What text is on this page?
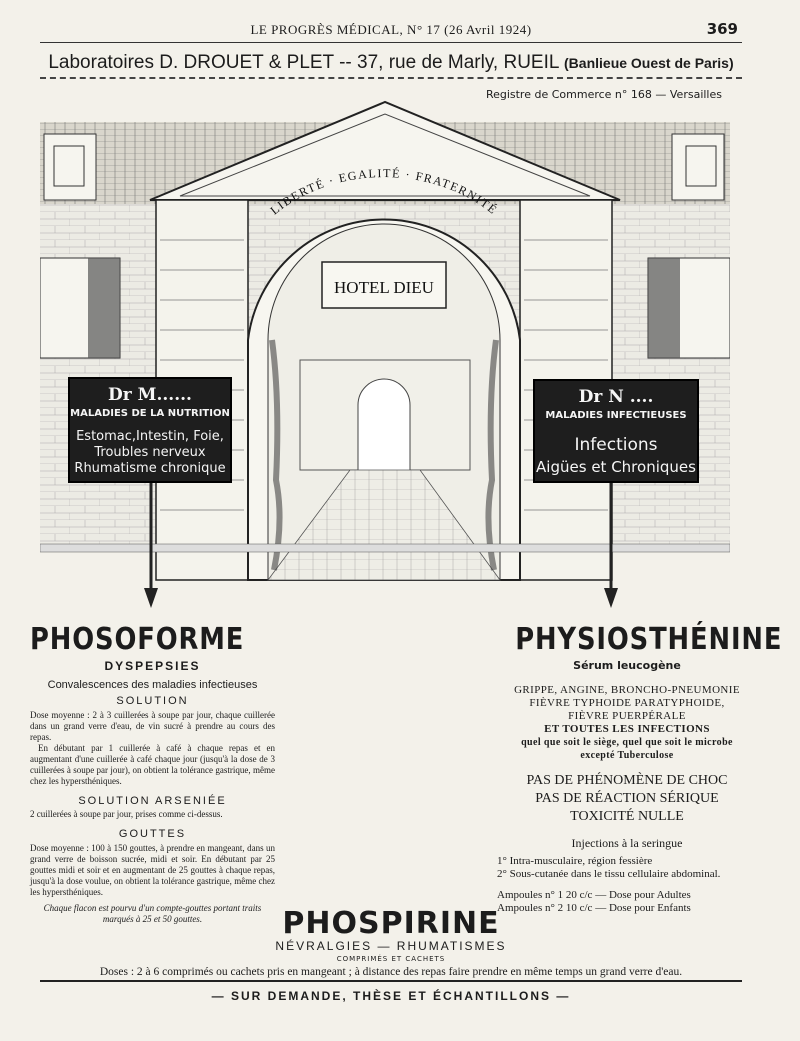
LE PROGRÈS MÉDICAL, N° 17 (26 Avril 1924)	369
Laboratoires D. DROUET & PLET -- 37, rue de Marly, RUEIL (Banlieue Ouest de Paris)
Registre de Commerce n° 168 — Versailles
HOTEL DIEU
LIBERTÉ · EGALITÉ · FRATERNITÉ
Dr M......
MALADIES DE LA NUTRITION
Estomac,Intestin, Foie,
Troubles nerveux
Rhumatisme chronique
Dr N ....
MALADIES INFECTIEUSES
Infections
Aigües et Chroniques
PHOSOFORME
DYSPEPSIES
Convalescences des maladies infectieuses
SOLUTION
Dose moyenne : 2 à 3 cuillerées à soupe par jour, chaque cuillerée dans un grand verre d'eau, de vin sucré à prendre au cours des repas.
En débutant par 1 cuillerée à café à chaque repas et en augmentant d'une cuillerée à café chaque jour (jusqu'à la dose de 3 cuillerées à soupe par jour), on obtient la tolérance gastrique, même chez les hypersthéniques.
SOLUTION ARSENIÉE
2 cuillerées à soupe par jour, prises comme ci-dessus.
GOUTTES
Dose moyenne : 100 à 150 gouttes, à prendre en mangeant, dans un grand verre de boisson sucrée, midi et soir. En débutant par 25 gouttes midi et soir et en augmentant de 25 gouttes à chaque repas, jusqu'à la dose voulue, on obtient la tolérance gastrique, même chez les hypersthéniques.
Chaque flacon est pourvu d'un compte-gouttes portant traits marqués à 25 et 50 gouttes.
PHYSIOSTHÉNINE
Sérum leucogène
GRIPPE, ANGINE, BRONCHO-PNEUMONIE
FIÈVRE TYPHOIDE PARATYPHOIDE,
FIÈVRE PUERPÉRALE
ET TOUTES LES INFECTIONS
quel que soit le siège, quel que soit le microbe
excepté Tuberculose
PAS DE PHÉNOMÈNE DE CHOC
PAS DE RÉACTION SÉRIQUE
TOXICITÉ NULLE
Injections à la seringue
1° Intra-musculaire, région fessière
2° Sous-cutanée dans le tissu cellulaire abdominal.
Ampoules n° 1 20 c/c — Dose pour Adultes
Ampoules n° 2 10 c/c — Dose pour Enfants
PHOSPIRINE
NÉVRALGIES — RHUMATISMES
COMPRIMÉS ET CACHETS
Doses : 2 à 6 comprimés ou cachets pris en mangeant ; à distance des repas faire prendre en même temps un grand verre d'eau.
— SUR DEMANDE, THÈSE ET ÉCHANTILLONS —
